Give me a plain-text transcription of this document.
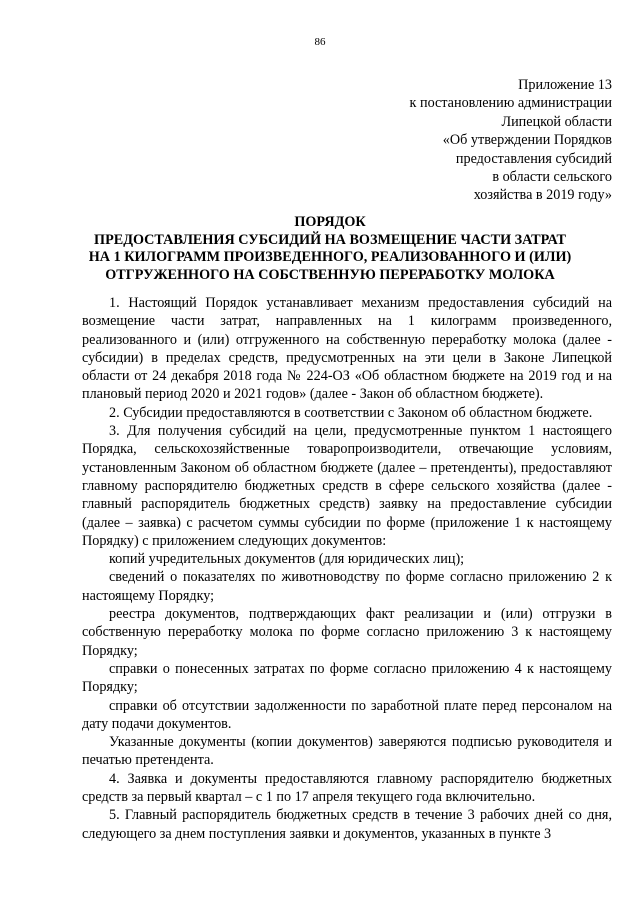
86
Приложение 13
к постановлению администрации
Липецкой области
«Об утверждении Порядков
предоставления субсидий
в области сельского
хозяйства в 2019 году»
ПОРЯДОК
ПРЕДОСТАВЛЕНИЯ СУБСИДИЙ НА ВОЗМЕЩЕНИЕ ЧАСТИ ЗАТРАТ
НА 1 КИЛОГРАММ ПРОИЗВЕДЕННОГО, РЕАЛИЗОВАННОГО И (ИЛИ)
ОТГРУЖЕННОГО НА СОБСТВЕННУЮ ПЕРЕРАБОТКУ МОЛОКА

1. Настоящий Порядок устанавливает механизм предоставления субсидий на возмещение части затрат, направленных на 1 килограмм произведенного, реализованного и (или) отгруженного на собственную переработку молока (далее - субсидии) в пределах средств, предусмотренных на эти цели в Законе Липецкой области от 24 декабря 2018 года № 224-ОЗ «Об областном бюджете на 2019 год и на плановый период 2020 и 2021 годов» (далее - Закон об областном бюджете).

2. Субсидии предоставляются в соответствии с Законом об областном бюджете.

3. Для получения субсидий на цели, предусмотренные пунктом 1 настоящего Порядка, сельскохозяйственные товаропроизводители, отвечающие условиям, установленным Законом об областном бюджете (далее – претенденты), предоставляют главному распорядителю бюджетных средств в сфере сельского хозяйства (далее - главный распорядитель бюджетных средств) заявку на предоставление субсидии (далее – заявка) с расчетом суммы субсидии по форме (приложение 1 к настоящему Порядку) с приложением следующих документов:

копий учредительных документов (для юридических лиц);

сведений о показателях по животноводству по форме согласно приложению 2 к настоящему Порядку;

реестра документов, подтверждающих факт реализации и (или) отгрузки в собственную переработку молока по форме согласно приложению 3 к настоящему Порядку;

справки о понесенных затратах по форме согласно приложению 4 к настоящему Порядку;

справки об отсутствии задолженности по заработной плате перед персоналом на дату подачи документов.

Указанные документы (копии документов) заверяются подписью руководителя и печатью претендента.

4. Заявка и документы предоставляются главному распорядителю бюджетных средств за первый квартал – с 1 по 17 апреля текущего года включительно.

5. Главный распорядитель бюджетных средств в течение 3 рабочих дней со дня, следующего за днем поступления заявки и документов, указанных в пункте 3
